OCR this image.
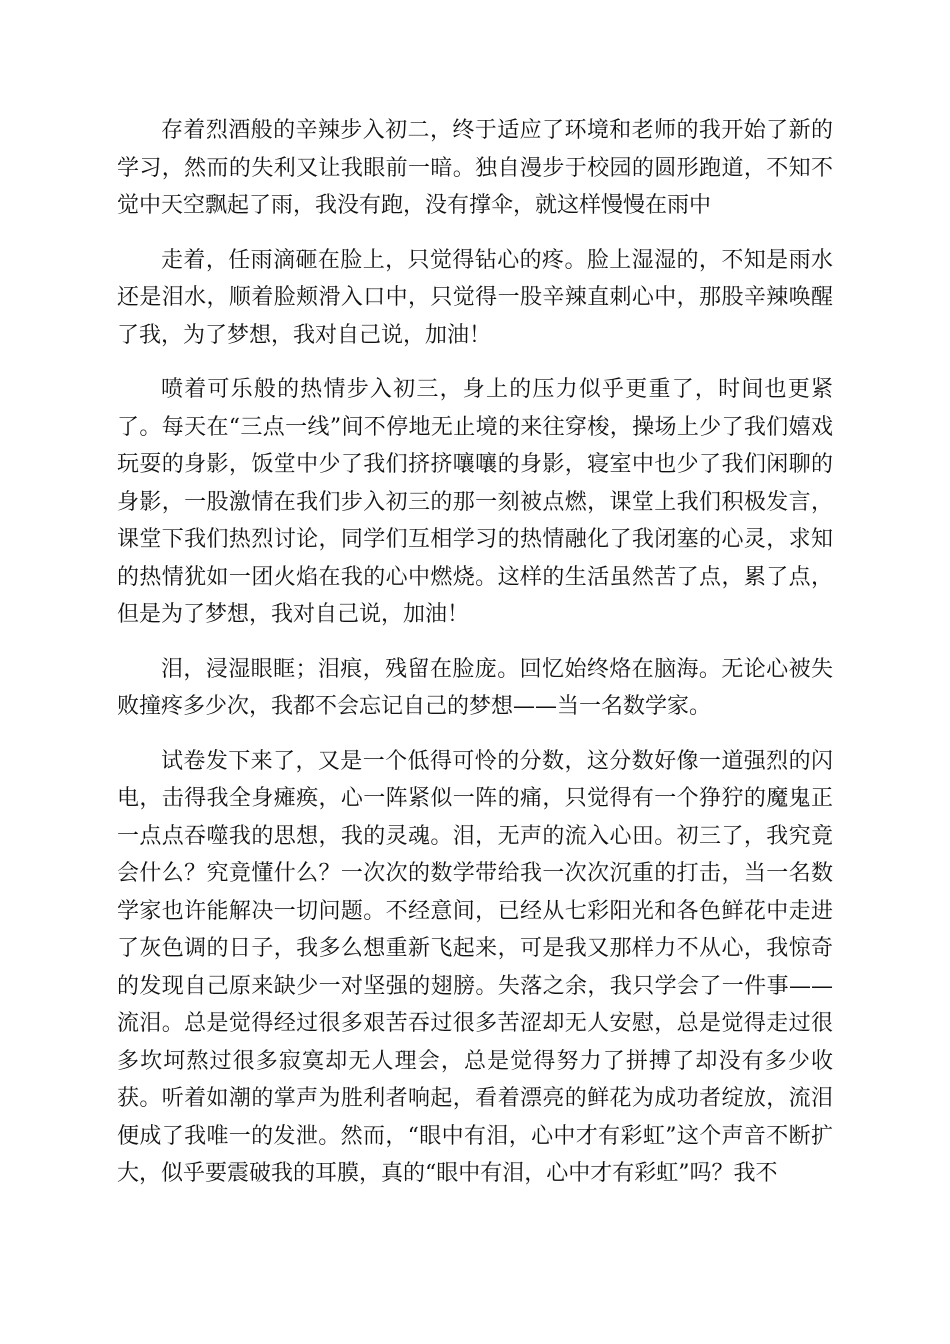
存着烈酒般的辛辣步入初二，终于适应了环境和老师的我开始了新的学习，然而的失利又让我眼前一暗。独自漫步于校园的圆形跑道，不知不觉中天空飘起了雨，我没有跑，没有撑伞，就这样慢慢在雨中

走着，任雨滴砸在脸上，只觉得钻心的疼。脸上湿湿的，不知是雨水还是泪水，顺着脸颊滑入口中，只觉得一股辛辣直刺心中，那股辛辣唤醒了我，为了梦想，我对自己说，加油！

喷着可乐般的热情步入初三，身上的压力似乎更重了，时间也更紧了。每天在“三点一线”间不停地无止境的来往穿梭，操场上少了我们嬉戏玩耍的身影，饭堂中少了我们挤挤嚷嚷的身影，寝室中也少了我们闲聊的身影，一股激情在我们步入初三的那一刻被点燃，课堂上我们积极发言，课堂下我们热烈讨论，同学们互相学习的热情融化了我闭塞的心灵，求知的热情犹如一团火焰在我的心中燃烧。这样的生活虽然苦了点，累了点，但是为了梦想，我对自己说，加油！

泪，浸湿眼眶；泪痕，残留在脸庞。回忆始终烙在脑海。无论心被失败撞疼多少次，我都不会忘记自己的梦想——当一名数学家。

试卷发下来了，又是一个低得可怜的分数，这分数好像一道强烈的闪电，击得我全身瘫痪，心一阵紧似一阵的痛，只觉得有一个狰狞的魔鬼正一点点吞噬我的思想，我的灵魂。泪，无声的流入心田。初三了，我究竟会什么？究竟懂什么？一次次的数学带给我一次次沉重的打击，当一名数学家也许能解决一切问题。不经意间，已经从七彩阳光和各色鲜花中走进了灰色调的日子，我多么想重新飞起来，可是我又那样力不从心，我惊奇的发现自己原来缺少一对坚强的翅膀。失落之余，我只学会了一件事——流泪。总是觉得经过很多艰苦吞过很多苦涩却无人安慰，总是觉得走过很多坎坷熬过很多寂寞却无人理会，总是觉得努力了拼搏了却没有多少收获。听着如潮的掌声为胜利者响起，看着漂亮的鲜花为成功者绽放，流泪便成了我唯一的发泄。然而，“眼中有泪，心中才有彩虹”这个声音不断扩大，似乎要震破我的耳膜，真的“眼中有泪，心中才有彩虹”吗？我不
